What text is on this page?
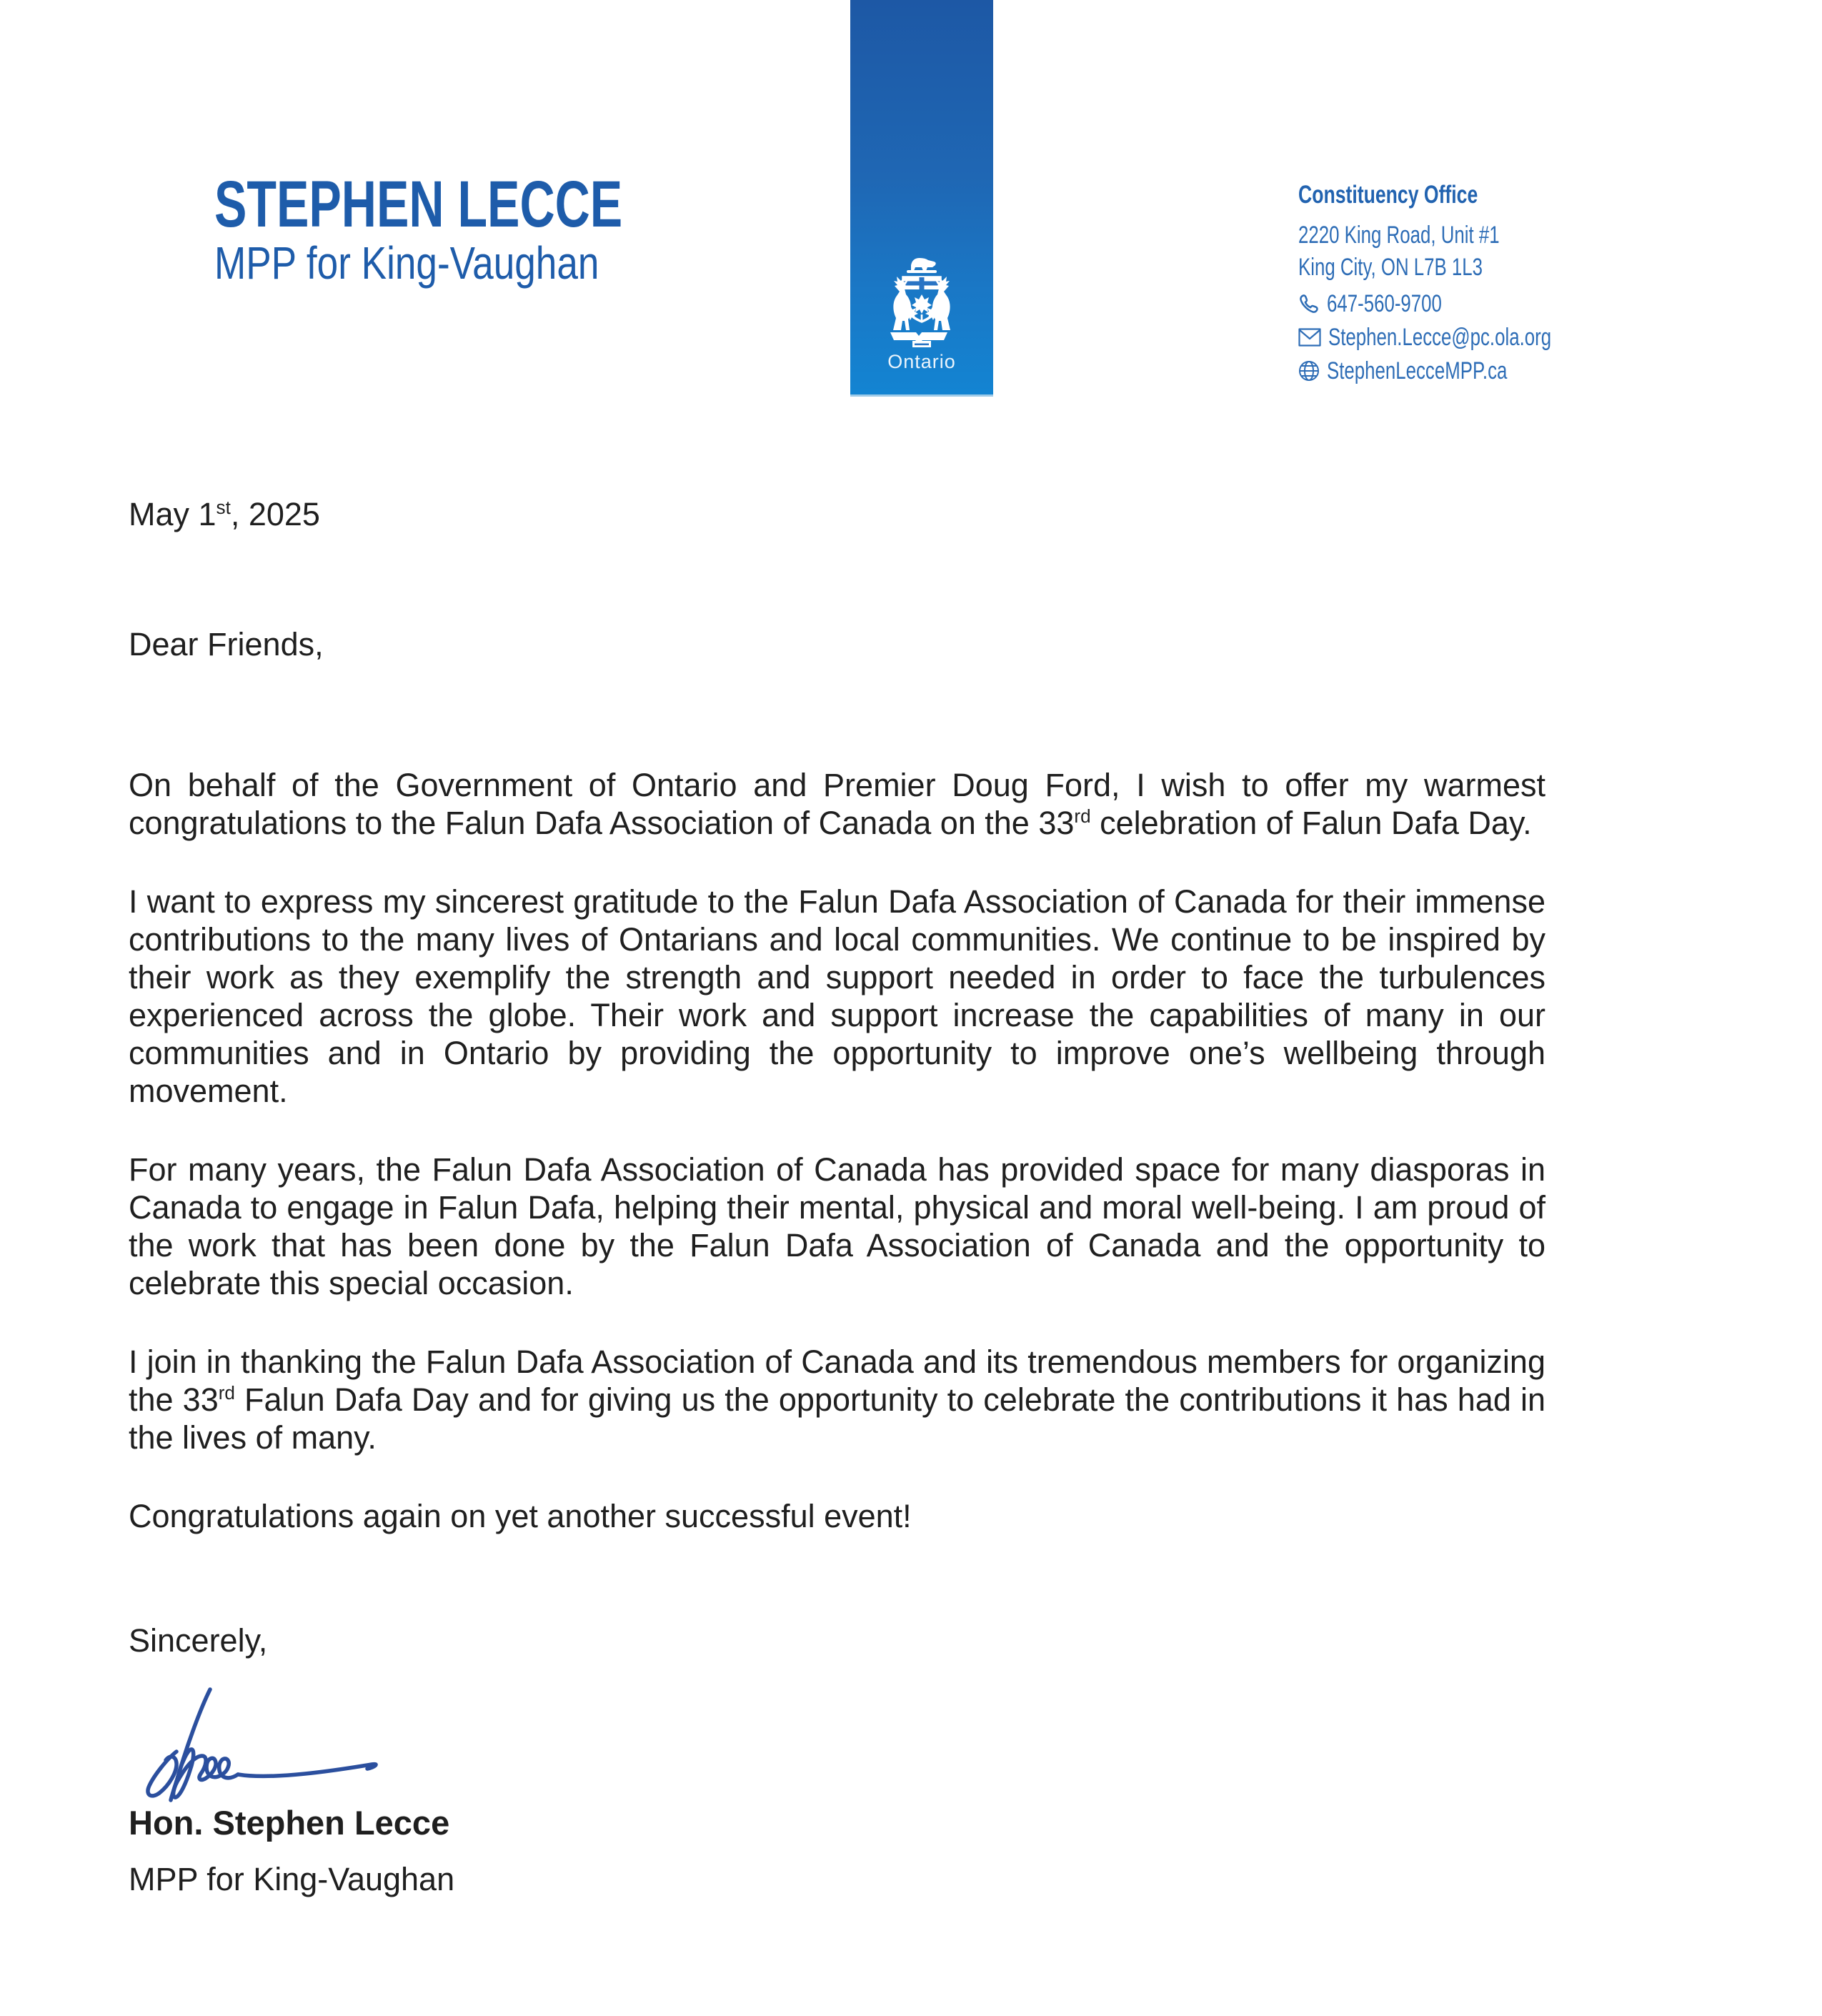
STEPHEN LECCE
MPP for King-Vaughan
Ontario
Constituency Office
2220 King Road, Unit #1
King City, ON L7B 1L3
647-560-9700
Stephen.Lecce@pc.ola.org
StephenLecceMPP.ca
May 1st, 2025
Dear Friends,

On behalf of the Government of Ontario and Premier Doug Ford, I wish to offer my warmest congratulations to the Falun Dafa Association of Canada on the 33rd celebration of Falun Dafa Day.

I want to express my sincerest gratitude to the Falun Dafa Association of Canada for their immense contributions to the many lives of Ontarians and local communities. We continue to be inspired by their work as they exemplify the strength and support needed in order to face the turbulences experienced across the globe. Their work and support increase the capabilities of many in our communities and in Ontario by providing the opportunity to improve one’s wellbeing through movement.

For many years, the Falun Dafa Association of Canada has provided space for many diasporas in Canada to engage in Falun Dafa, helping their mental, physical and moral well-being. I am proud of the work that has been done by the Falun Dafa Association of Canada and the opportunity to celebrate this special occasion.

I join in thanking the Falun Dafa Association of Canada and its tremendous members for organizing the 33rd Falun Dafa Day and for giving us the opportunity to celebrate the contributions it has had in the lives of many.

Congratulations again on yet another successful event!

Sincerely,
Hon. Stephen Lecce
MPP for King-Vaughan
